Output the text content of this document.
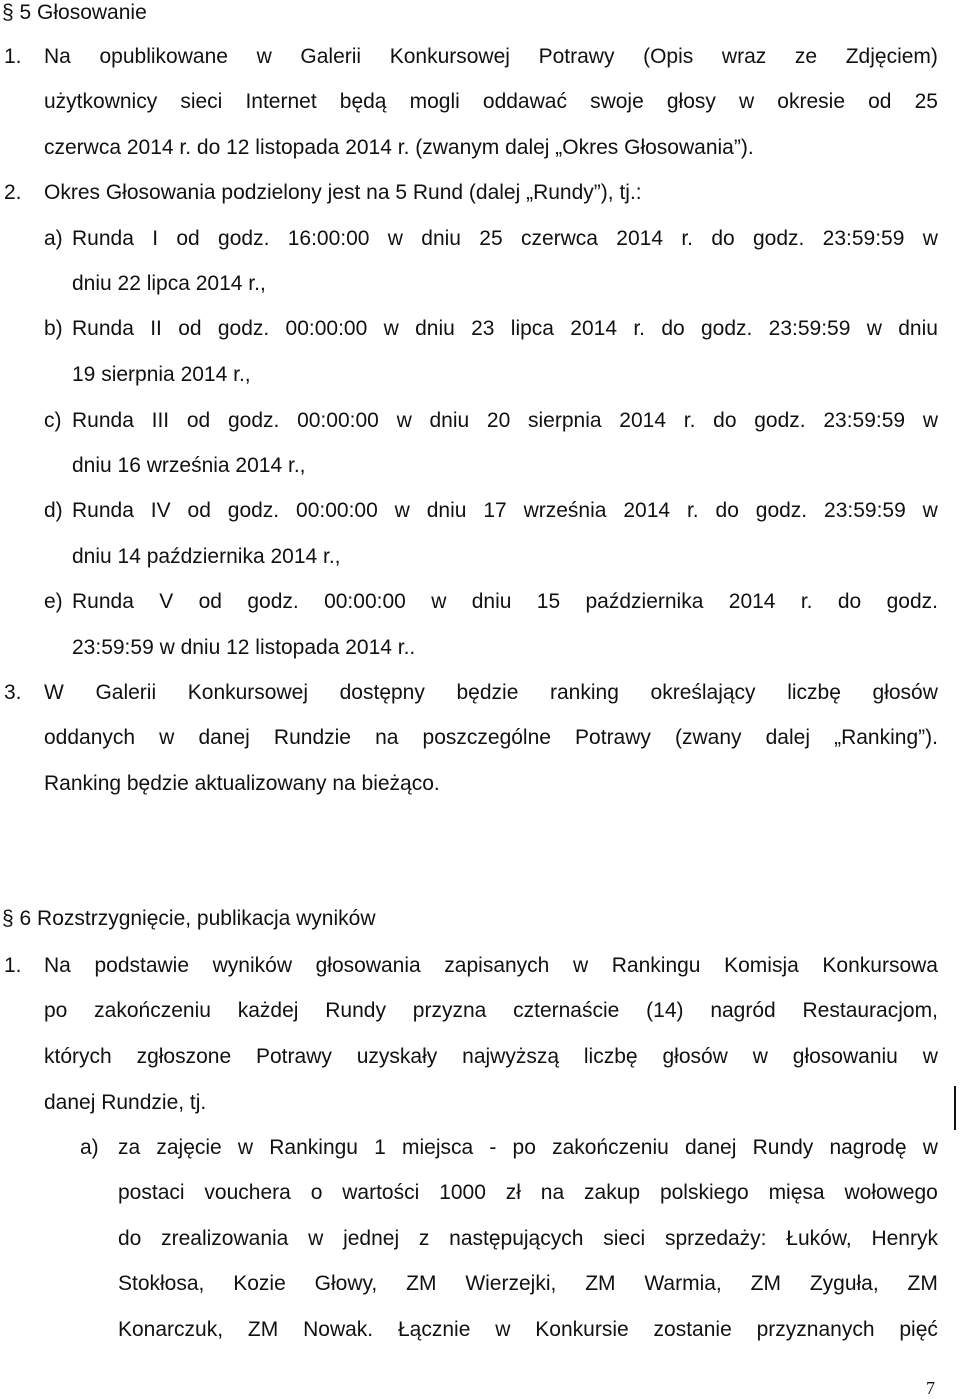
§ 5 Głosowanie
1. Na opublikowane w Galerii Konkursowej Potrawy (Opis wraz ze Zdjęciem)
użytkownicy sieci Internet będą mogli oddawać swoje głosy w okresie od 25
czerwca 2014 r. do 12 listopada 2014 r. (zwanym dalej „Okres Głosowania”).
2. Okres Głosowania podzielony jest na 5 Rund (dalej „Rundy”), tj.:
a) Runda I od godz. 16:00:00 w dniu 25 czerwca 2014 r. do godz. 23:59:59 w
dniu 22 lipca 2014 r.,
b) Runda II od godz. 00:00:00 w dniu 23 lipca 2014 r. do godz. 23:59:59 w dniu
19 sierpnia 2014 r.,
c) Runda III od godz. 00:00:00 w dniu 20 sierpnia 2014 r. do godz. 23:59:59 w
dniu 16 września 2014 r.,
d) Runda IV od godz. 00:00:00 w dniu 17 września 2014 r. do godz. 23:59:59 w
dniu 14 października 2014 r.,
e) Runda V od godz. 00:00:00 w dniu 15 października 2014 r. do godz.
23:59:59 w dniu 12 listopada 2014 r..
3. W Galerii Konkursowej dostępny będzie ranking określający liczbę głosów
oddanych w danej Rundzie na poszczególne Potrawy (zwany dalej „Ranking”).
Ranking będzie aktualizowany na bieżąco.
§ 6 Rozstrzygnięcie, publikacja wyników
1. Na podstawie wyników głosowania zapisanych w Rankingu Komisja Konkursowa
po zakończeniu każdej Rundy przyzna czternaście (14) nagród Restauracjom,
których zgłoszone Potrawy uzyskały najwyższą liczbę głosów w głosowaniu w
danej Rundzie, tj.
a) za zajęcie w Rankingu 1 miejsca - po zakończeniu danej Rundy nagrodę w
postaci vouchera o wartości 1000 zł na zakup polskiego mięsa wołowego
do zrealizowania w jednej z następujących sieci sprzedaży: Łuków, Henryk
Stokłosa, Kozie Głowy, ZM Wierzejki, ZM Warmia, ZM Zyguła, ZM
Konarczuk, ZM Nowak. Łącznie w Konkursie zostanie przyznanych pięć
7
